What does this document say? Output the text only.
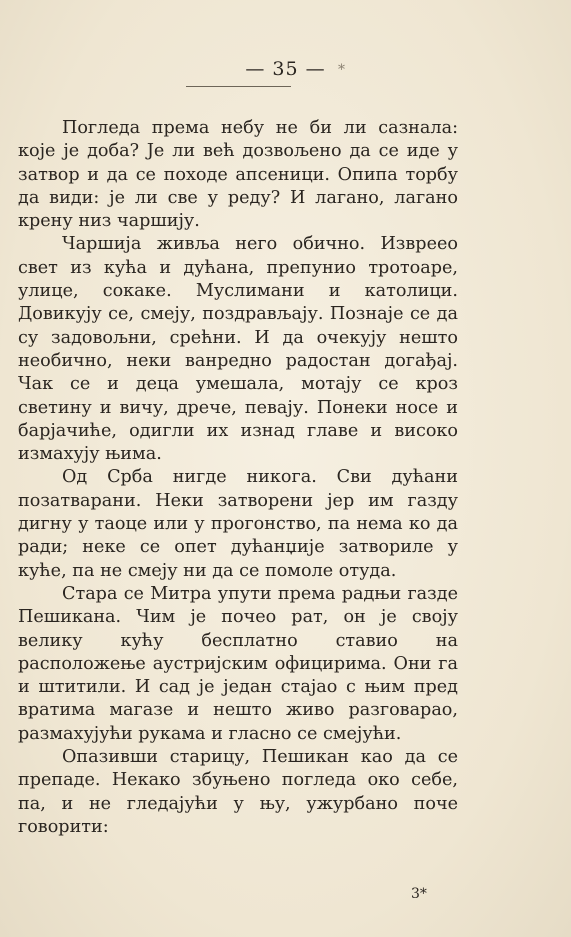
— 35 — *

Погледа према небу не би ли сазнала: које је доба? Је ли већ дозвољено да се иде у затвор и да се походе апсеници. Опипа торбу да види: је ли све у реду? И лагано, лагано крену низ чаршију.

Чаршија живља него обично. Извреео свет из кућа и дућана, препунио тротоаре, улице, сокаке. Муслимани и католици. Довикују се, смеју, поздрављају. Познаје се да су задовољни, срећни. И да очекују нешто необично, неки ванредно радостан догађај. Чак се и деца умешала, мотају се кроз светину и вичу, дрече, певају. Понеки носе и барјачиће, одигли их изнад главе и високо измахују њима.

Од Срба нигде никога. Сви дућани позатварани. Неки затворени јер им газду дигну у таоце или у прогонство, па нема ко да ради; неке се опет дућанџије затвориле у куће, па не смеју ни да се помоле отуда.

Стара се Митра упути према радњи газде Пешикана. Чим је почео рат, он је своју велику кућу бесплатно ставио на расположење аустријским официрима. Они га и штитили. И сад је један стајао с њим пред вратима магазе и нешто живо разговарао, размахујући рукама и гласно се смејући.

Опазивши старицу, Пешикан као да се препаде. Некако збуњено погледа око себе, па, и не гледајући у њу, ужурбано поче говорити:

3*
